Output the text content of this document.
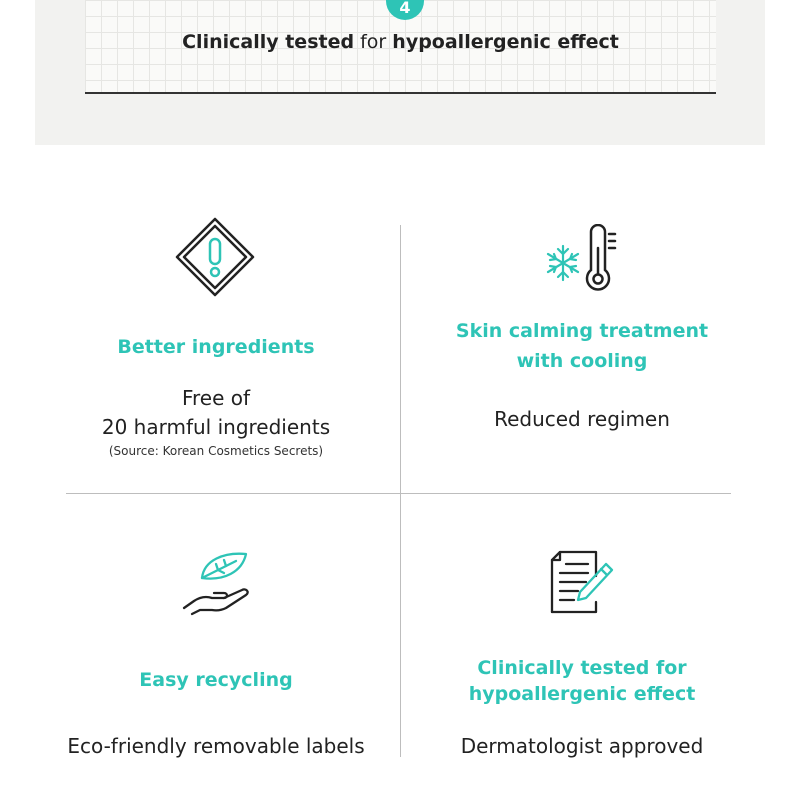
4
Clinically tested for hypoallergenic effect
Better ingredients
Free of
20 harmful ingredients
(Source: Korean Cosmetics Secrets)
Skin calming treatment
with cooling
Reduced regimen
Easy recycling
Eco-friendly removable labels
Clinically tested for
hypoallergenic effect
Dermatologist approved
